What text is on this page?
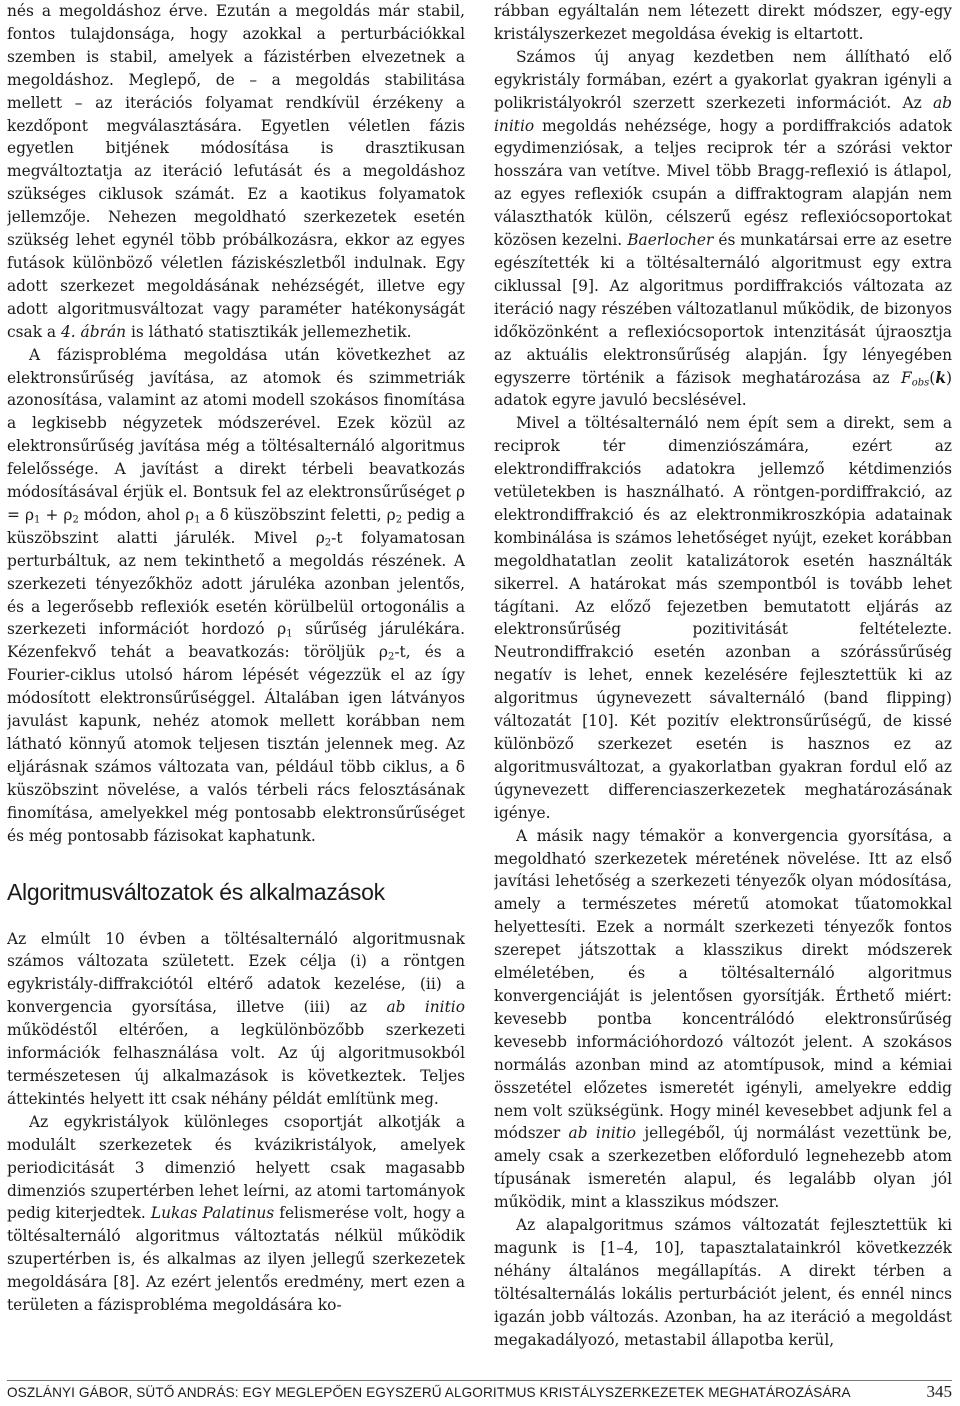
nés a megoldáshoz érve. Ezután a megoldás már stabil, fontos tulajdonsága, hogy azokkal a perturbációkkal szemben is stabil, amelyek a fázistérben elvezetnek a megoldáshoz. Meglepő, de – a megoldás stabilitása mellett – az iterációs folyamat rendkívül érzékeny a kezdőpont megválasztására. Egyetlen véletlen fázis egyetlen bitjének módosítása is drasztikusan megváltoztatja az iteráció lefutását és a megoldáshoz szükséges ciklusok számát. Ez a kaotikus folyamatok jellemzője. Nehezen megoldható szerkezetek esetén szükség lehet egynél több próbálkozásra, ekkor az egyes futások különböző véletlen fáziskészletből indulnak. Egy adott szerkezet megoldásának nehézségét, illetve egy adott algoritmusváltozat vagy paraméter hatékonyságát csak a 4. ábrán is látható statisztikák jellemezhetik.

A fázisprobléma megoldása után következhet az elektronsűrűség javítása, az atomok és szimmetriák azonosítása, valamint az atomi modell szokásos finomítása a legkisebb négyzetek módszerével. Ezek közül az elektronsűrűség javítása még a töltésalternáló algoritmus felelőssége. A javítást a direkt térbeli beavatkozás módosításával érjük el. Bontsuk fel az elektronsűrűséget $\rho = \rho_1 + \rho_2$ módon, ahol $\rho_1$ a δ küszöbszint feletti, $\rho_2$ pedig a küszöbszint alatti járulék. Mivel $\rho_2-t$ folyamatosan perturbáltuk, az nem tekinthető a megoldás részének. A szerkezeti tényezőkhöz adott járuléka azonban jelentős, és a legerősebb reflexiók esetén körülbelül ortogonális a szerkezeti információt hordozó $\rho_1$ sűrűség járulékára. Kézenfekvő tehát a beavatkozás: töröljük $\rho_2-t$, és a Fourier-ciklus utolsó három lépését végezzük el az így módosított elektronsűrűséggel. Általában igen látványos javulást kapunk, nehéz atomok mellett korábban nem látható könnyű atomok teljesen tisztán jelennek meg. Az eljárásnak számos változata van, például több ciklus, a δ küszöbszint növelése, a valós térbeli rács felosztásának finomítása, amelyekkel még pontosabb elektronsűrűséget és még pontosabb fázisokat kaphatunk.

Algoritmusváltozatok és alkalmazások

Az elmúlt 10 évben a töltésalternáló algoritmusnak számos változata született. Ezek célja (i) a röntgen egykristály-diffrakciótól eltérő adatok kezelése, (ii) a konvergencia gyorsítása, illetve (iii) az ab initio működéstől eltérően, a legkülönbözőbb szerkezeti információk felhasználása volt. Az új algoritmusokból természetesen új alkalmazások is következtek. Teljes áttekintés helyett itt csak néhány példát említünk meg.

Az egykristályok különleges csoportját alkotják a modulált szerkezetek és kvázikristályok, amelyek periodicitását 3 dimenzió helyett csak magasabb dimenziós szupertérben lehet leírni, az atomi tartományok pedig kiterjedtek. Lukas Palatinus felismerése volt, hogy a töltésalternáló algoritmus változtatás nélkül működik szupertérben is, és alkalmas az ilyen jellegű szerkezetek megoldására [8]. Az ezért jelentős eredmény, mert ezen a területen a fázisprobléma megoldására ko-

rábban egyáltalán nem létezett direkt módszer, egy-egy kristályszerkezet megoldása évekig is eltartott.

Számos új anyag kezdetben nem állítható elő egykristály formában, ezért a gyakorlat gyakran igényli a polikristályokról szerzett szerkezeti információt. Az ab initio megoldás nehézsége, hogy a pordiffrakciós adatok egydimenziósak, a teljes reciprok tér a szórási vektor hosszára van vetítve. Mivel több Bragg-reflexió is átlapol, az egyes reflexiók csupán a diffraktogram alapján nem választhatók külön, célszerű egész reflexiócsoportokat közösen kezelni. Baerlocher és munkatársai erre az esetre egészítették ki a töltésalternáló algoritmust egy extra ciklussal [9]. Az algoritmus pordiffrakciós változata az iteráció nagy részében változatlanul működik, de bizonyos időközönként a reflexiócsoportok intenzitását újraosztja az aktuális elektronsűrűség alapján. Így lényegében egyszerre történik a fázisok meghatározása az $F_{obs}(k)$ adatok egyre javuló becslésével.

Mivel a töltésalternáló nem épít sem a direkt, sem a reciprok tér dimenziószámára, ezért az elektrondiffrakciós adatokra jellemző kétdimenziós vetületekben is használható. A röntgen-pordiffrakció, az elektrondiffrakció és az elektronmikroszkópia adatainak kombinálása is számos lehetőséget nyújt, ezeket korábban megoldhatatlan zeolit katalizátorok esetén használták sikerrel. A határokat más szempontból is tovább lehet tágítani. Az előző fejezetben bemutatott eljárás az elektronsűrűség pozitivitását feltételezte. Neutrondiffrakció esetén azonban a szórássűrűség negatív is lehet, ennek kezelésére fejlesztettük ki az algoritmus úgynevezett sávalternáló (band flipping) változatát [10]. Két pozitív elektronsűrűségű, de kissé különböző szerkezet esetén is hasznos ez az algoritmusváltozat, a gyakorlatban gyakran fordul elő az úgynevezett differenciaszerkezetek meghatározásának igénye.

A másik nagy témakör a konvergencia gyorsítása, a megoldható szerkezetek méretének növelése. Itt az első javítási lehetőség a szerkezeti tényezők olyan módosítása, amely a természetes méretű atomokat tűatomokkal helyettesíti. Ezek a normált szerkezeti tényezők fontos szerepet játszottak a klasszikus direkt módszerek elméletében, és a töltésalternáló algoritmus konvergenciáját is jelentősen gyorsítják. Érthető miért: kevesebb pontba koncentrálódó elektronsűrűség kevesebb információhordozó változót jelent. A szokásos normálás azonban mind az atomtípusok, mind a kémiai összetétel előzetes ismeretét igényli, amelyekre eddig nem volt szükségünk. Hogy minél kevesebbet adjunk fel a módszer ab initio jellegéből, új normálást vezettünk be, amely csak a szerkezetben előforduló legnehezebb atom típusának ismeretén alapul, és legalább olyan jól működik, mint a klasszikus módszer.

Az alapalgoritmus számos változatát fejlesztettük ki magunk is [1–4, 10], tapasztalatainkról következzék néhány általános megállapítás. A direkt térben a töltésalternálás lokális perturbációt jelent, és ennél nincs igazán jobb változás. Azonban, ha az iteráció a megoldást megakadályozó, metastabil állapotba kerül,

OSZLÁNYI GÁBOR, SÜTŐ ANDRÁS: EGY MEGLEPŐEN EGYSZERŰ ALGORITMUS KRISTÁLYSZERKEZETEK MEGHATÁROZÁSÁRA	345
